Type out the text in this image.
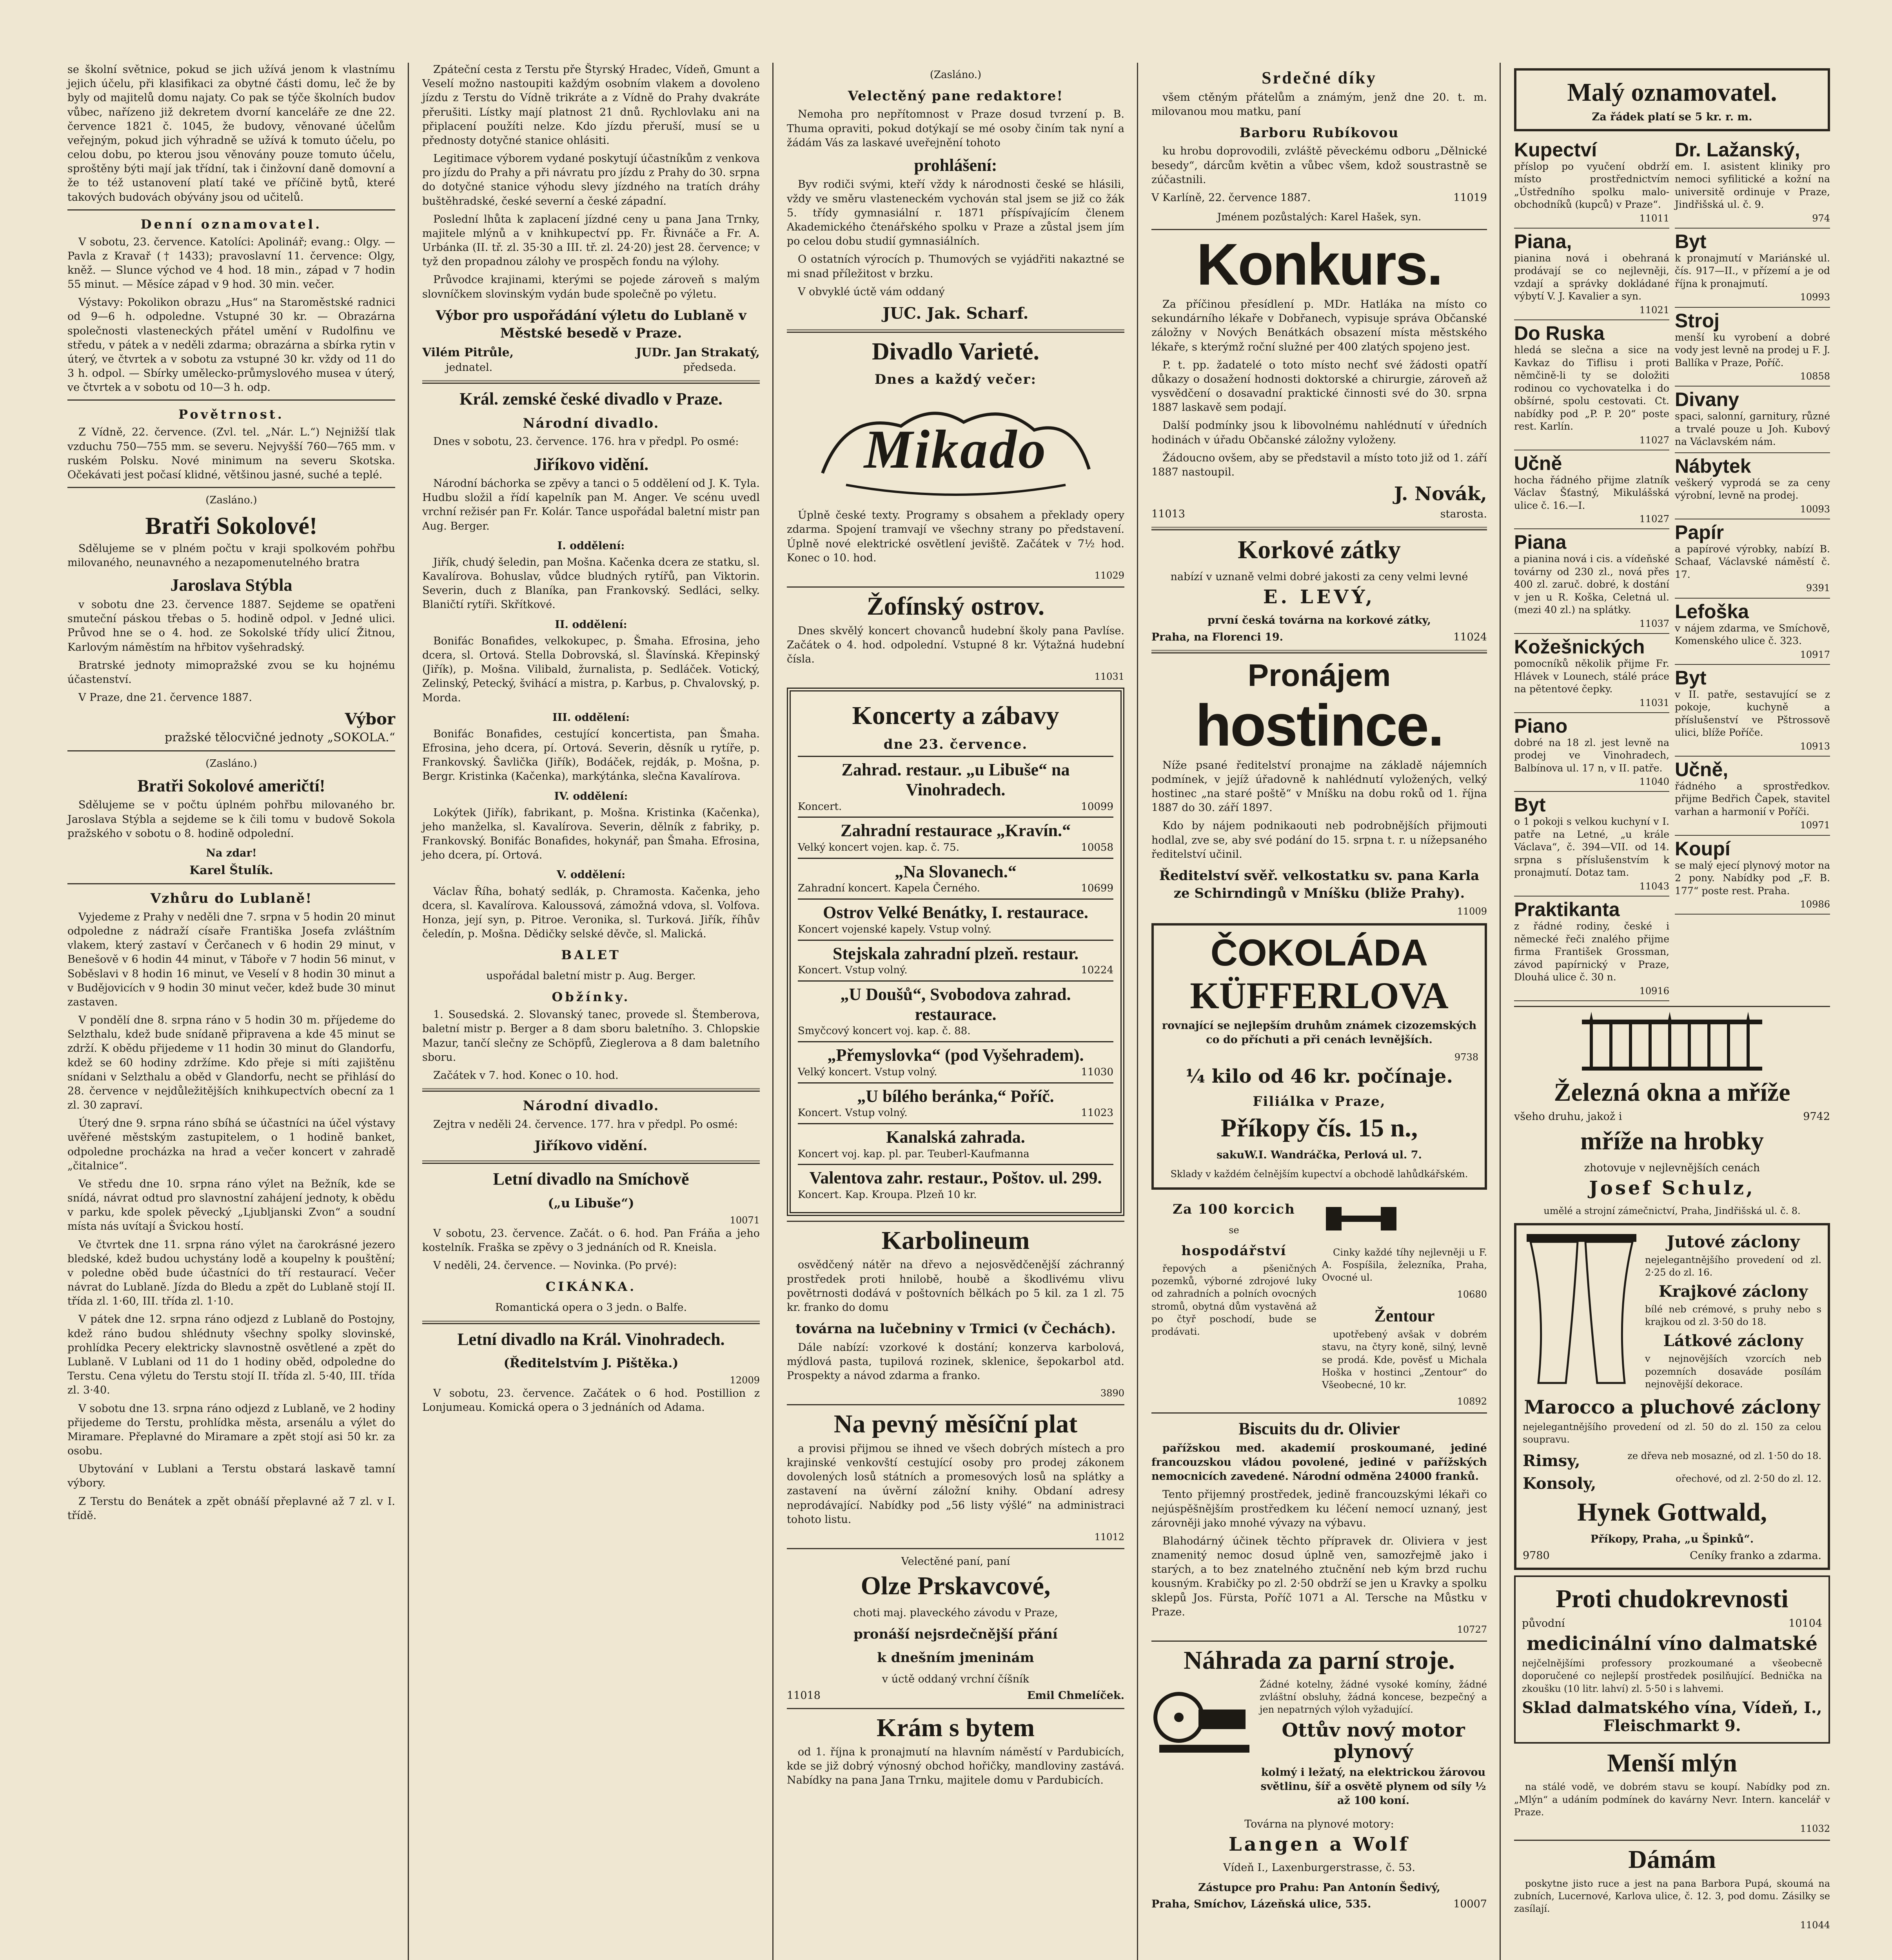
se školní světnice, pokud se jich užívá jenom k vlastnímu jejich účelu, při klasifikaci za obytné části domu, leč že by byly od majitelů domu najaty. Co pak se týče školních budov vůbec, nařízeno již dekretem dvorní kanceláře ze dne 22. července 1821 č. 1045, že budovy, věnované účelům veřejným, pokud jich výhradně se užívá k tomuto účelu, po celou dobu, po kterou jsou věnovány pouze tomuto účelu, sproštěny býti mají jak třídní, tak i činžovní daně domovní a že to též ustanovení platí také ve příčině bytů, které takových budovách obývány jsou od učitelů.

Denní oznamovatel.

V sobotu, 23. července. Katolíci: Apolinář; evang.: Olgy. — Pavla z Kravař († 1433); pravoslavní 11. července: Olgy, kněž. — Slunce východ ve 4 hod. 18 min., západ v 7 hodin 55 minut. — Měsíce západ v 9 hod. 30 min. večer.

Výstavy: Pokolikon obrazu „Hus“ na Staroměstské radnici od 9—6 h. odpoledne. Vstupné 30 kr. — Obrazárna společnosti vlasteneckých přátel umění v Rudolfinu ve středu, v pátek a v neděli zdarma; obrazárna a sbírka rytin v úterý, ve čtvrtek a v sobotu za vstupné 30 kr. vždy od 11 do 3 h. odpol. — Sbírky umělecko-průmyslového musea v úterý, ve čtvrtek a v sobotu od 10—3 h. odp.

Povětrnost.

Z Vídně, 22. července. (Zvl. tel. „Nár. L.“) Nejnižší tlak vzduchu 750—755 mm. se severu. Nejvyšší 760—765 mm. v ruském Polsku. Nové minimum na severu Skotska. Očekávati jest počasí klidné, většinou jasné, suché a teplé.

(Zasláno.)
Bratři Sokolové!

Sdělujeme se v plném počtu v kraji spolkovém pohřbu milovaného, neunavného a nezapomenutelného bratra

Jaroslava Stýbla

v sobotu dne 23. července 1887. Sejdeme se opatřeni smuteční páskou třebas o 5. hodině odpol. v Jedné ulici. Průvod hne se o 4. hod. ze Sokolské třídy ulicí Žitnou, Karlovým náměstím na hřbitov vyšehradský.

Bratrské jednoty mimopražské zvou se ku hojnému účastenství.

V Praze, dne 21. července 1887.

Výbor
pražské tělocvičné jednoty „SOKOLA.“
(Zasláno.)
Bratři Sokolové američtí!

Sdělujeme se v počtu úplném pohřbu milovaného br. Jaroslava Stýbla a sejdeme se k čili tomu v budově Sokola pražského v sobotu o 8. hodině odpolední.

Na zdar!
Karel Štulík.
Vzhůru do Lublaně!

Vyjedeme z Prahy v neděli dne 7. srpna v 5 hodin 20 minut odpoledne z nádraží císaře Františka Josefa zvláštním vlakem, který zastaví v Čerčanech v 6 hodin 29 minut, v Benešově v 6 hodin 44 minut, v Táboře v 7 hodin 56 minut, v Soběslavi v 8 hodin 16 minut, ve Veselí v 8 hodin 30 minut a v Budějovicích v 9 hodin 30 minut večer, kdež bude 30 minut zastaven.

V pondělí dne 8. srpna ráno v 5 hodin 30 m. příjedeme do Selzthalu, kdež bude snídaně připravena a kde 45 minut se zdrží. K obědu přijedeme v 11 hodin 30 minut do Glandorfu, kdež se 60 hodiny zdržíme. Kdo přeje si míti zajištěnu snídani v Selzthalu a oběd v Glandorfu, necht se přihlásí do 28. července v nejdůležitějších knihkupectvích obecní za 1 zl. 30 zapraví.

Úterý dne 9. srpna ráno sbíhá se účastníci na účel výstavy uvěřené městským zastupitelem, o 1 hodině banket, odpoledne procházka na hrad a večer koncert v zahradě „čitalnice“.

Ve středu dne 10. srpna ráno výlet na Bežník, kde se snídá, návrat odtud pro slavnostní zahájení jednoty, k obědu v parku, kde spolek pěvecký „Ljubljanski Zvon“ a soudní místa nás uvítají a Švickou hostí.

Ve čtvrtek dne 11. srpna ráno výlet na čarokrásné jezero bledské, kdež budou uchystány lodě a koupelny k pouštění; v poledne oběd bude účastníci do tří restaurací. Večer návrat do Lublaně. Jízda do Bledu a zpět do Lublaně stojí II. třída zl. 1·60, III. třída zl. 1·10.

V pátek dne 12. srpna ráno odjezd z Lublaně do Postojny, kdež ráno budou shlédnuty všechny spolky slovinské, prohlídka Pecery elektricky slavnostně osvětlené a zpět do Lublaně. V Lublani od 11 do 1 hodiny oběd, odpoledne do Terstu. Cena výletu do Terstu stojí II. třída zl. 5·40, III. třída zl. 3·40.

V sobotu dne 13. srpna ráno odjezd z Lublaně, ve 2 hodiny přijedeme do Terstu, prohlídka města, arsenálu a výlet do Miramare. Přeplavné do Miramare a zpět stojí asi 50 kr. za osobu.

Ubytování v Lublani a Terstu obstará laskavě tamní výbory.

Z Terstu do Benátek a zpět obnáší přeplavné až 7 zl. v I. třídě.

Zpáteční cesta z Terstu pře Štyrský Hradec, Vídeň, Gmunt a Veselí možno nastoupiti každým osobním vlakem a dovoleno jízdu z Terstu do Vídně trikráte a z Vídně do Prahy dvakráte přerušiti. Lístky mají platnost 21 dnů. Rychlovlaku ani na připlacení použíti nelze. Kdo jízdu přeruší, musí se u přednosty dotyčné stanice ohlásiti.

Legitimace výborem vydané poskytují účastníkům z venkova pro jízdu do Prahy a při návratu pro jízdu z Prahy do 30. srpna do dotyčné stanice výhodu slevy jízdného na tratích dráhy buštěhradské, české severní a české západní.

Poslední lhůta k zaplacení jízdné ceny u pana Jana Trnky, majitele mlýnů a v knihkupectví pp. Fr. Řivnáče a Fr. A. Urbánka (II. tř. zl. 35·30 a III. tř. zl. 24·20) jest 28. července; v tyž den propadnou zálohy ve prospěch fondu na výlohy.

Průvodce krajinami, kterými se pojede zároveň s malým slovníčkem slovinským vydán bude společně po výletu.

Výbor pro uspořádání výletu do Lublaně v Městské besedě v Praze.
Vilém Pitrůle,	JUDr. Jan Strakatý,
jednatel.	předseda.
Král. zemské české divadlo v Praze.
Národní divadlo.

Dnes v sobotu, 23. července. 176. hra v předpl. Po osmé:

Jiříkovo vidění.

Národní báchorka se zpěvy a tanci o 5 oddělení od J. K. Tyla. Hudbu složil a řídí kapelník pan M. Anger. Ve scénu uvedl vrchní režisér pan Fr. Kolár. Tance uspořádal baletní mistr pan Aug. Berger.

I. oddělení:

Jiřík, chudý šeledin, pan Mošna. Kačenka dcera ze statku, sl. Kavalírova. Bohuslav, vůdce bludných rytířů, pan Viktorin. Severin, duch z Blaníka, pan Frankovský. Sedláci, selky. Blaničtí rytíři. Skřítkové.

II. oddělení:

Bonifác Bonafides, velkokupec, p. Šmaha. Efrosina, jeho dcera, sl. Ortová. Stella Dobrovská, sl. Šlavínská. Křepinský (Jiřík), p. Mošna. Vilibald, žurnalista, p. Sedláček. Votický, Zelinský, Petecký, švihácí a mistra, p. Karbus, p. Chvalovský, p. Morda.

III. oddělení:

Bonifác Bonafides, cestující koncertista, pan Šmaha. Efrosina, jeho dcera, pí. Ortová. Severin, děsník u rytíře, p. Frankovský. Šavlička (Jiřík), Bodáček, rejdák, p. Mošna, p. Bergr. Kristinka (Kačenka), markýtánka, slečna Kavalírova.

IV. oddělení:

Lokýtek (Jiřík), fabrikant, p. Mošna. Kristinka (Kačenka), jeho manželka, sl. Kavalírova. Severin, dělník z fabriky, p. Frankovský. Bonifác Bonafides, hokynář, pan Šmaha. Efrosina, jeho dcera, pí. Ortová.

V. oddělení:

Václav Říha, bohatý sedlák, p. Chramosta. Kačenka, jeho dcera, sl. Kavalírova. Kaloussová, zámožná vdova, sl. Volfova. Honza, její syn, p. Pitroe. Veronika, sl. Turková. Jiřík, říhův čeledín, p. Mošna. Dědičky selské děvče, sl. Malická.

BALET
uspořádal baletní mistr p. Aug. Berger.
Obžínky.

1. Sousedská. 2. Slovanský tanec, provede sl. Štemberova, baletní mistr p. Berger a 8 dam sboru baletního. 3. Chlopskie Mazur, tančí slečny ze Schöpfů, Zieglerova a 8 dam baletního sboru.

Začátek v 7. hod. Konec o 10. hod.

Národní divadlo.

Zejtra v neděli 24. července. 177. hra v předpl. Po osmé:

Jiříkovo vidění.
Letní divadlo na Smíchově
(„u Libuše“)
10071

V sobotu, 23. července. Začát. o 6. hod. Pan Fráňa a jeho kostelník. Fraška se zpěvy o 3 jednáních od R. Kneisla.

V neděli, 24. července. — Novinka. (Po prvé):

CIKÁNKA.
Romantická opera o 3 jedn. o Balfe.
Letní divadlo na Král. Vinohradech.
(Ředitelstvím J. Pištěka.)
12009

V sobotu, 23. července. Začátek o 6 hod. Postillion z Lonjumeau. Komická opera o 3 jednáních od Adama.

(Zasláno.)
Velectěný pane redaktore!

Nemoha pro nepřítomnost v Praze dosud tvrzení p. B. Thuma opraviti, pokud dotýkají se mé osoby činím tak nyní a žádám Vás za laskavé uveřejnění tohoto

prohlášení:

Byv rodiči svými, kteří vždy k národnosti české se hlásili, vždy ve směru vlasteneckém vychován stal jsem se již co žák 5. třídy gymnasiální r. 1871 příspívajícím členem Akademického čtenářského spolku v Praze a zůstal jsem jím po celou dobu studií gymnasiálních.

O ostatních výrocích p. Thumových se vyjádřiti nakaztné se mi snad příležitost v brzku.

V obvyklé úctě vám oddaný

JUC. Jak. Scharf.
Divadlo Varieté.
Dnes a každý večer:
Mikado

Úplně české texty. Programy s obsahem a překlady opery zdarma. Spojení tramvají ve všechny strany po představení. Úplně nové elektrické osvětlení jeviště. Začátek v 7½ hod. Konec o 10. hod.

11029
Žofínský ostrov.

Dnes skvělý koncert chovanců hudební školy pana Pavlíse. Začátek o 4. hod. odpolední. Vstupné 8 kr. Výtažná hudební čísla.

11031
Koncerty a zábavy
dne 23. července.
Zahrad. restaur. „u Libuše“ na Vinohradech.
Koncert.	10099
Zahradní restaurace „Kravín.“
Velký koncert vojen. kap. č. 75.	10058
„Na Slovanech.“
Zahradní koncert. Kapela Černého.	10699
Ostrov Velké Benátky, I. restaurace.
Koncert vojenské kapely. Vstup volný.
Stejskala zahradní plzeň. restaur.
Koncert. Vstup volný.	10224
„U Doušů“, Svobodova zahrad. restaurace.
Smyčcový koncert voj. kap. č. 88.
„Přemyslovka“ (pod Vyšehradem).
Velký koncert. Vstup volný.	11030
„U bílého beránka,“ Poříč.
Koncert. Vstup volný.	11023
Kanalská zahrada.
Koncert voj. kap. pl. par. Teuberl-Kaufmanna
Valentova zahr. restaur., Poštov. ul. 299.
Koncert. Kap. Kroupa. Plzeň 10 kr.
Karbolineum

osvědčený nátěr na dřevo a nejosvědčenější záchranný prostředek proti hnilobě, houbě a škodlivému vlivu povětrnosti dodává v poštovních bělkách po 5 kil. za 1 zl. 75 kr. franko do domu

továrna na lučebniny v Trmici (v Čechách).

Dále nabízí: vzorkové k dostání; konzerva karbolová, mýdlová pasta, tupilová rozinek, sklenice, šepokarbol atd. Prospekty a návod zdarma a franko.

3890
Na pevný měsíční plat

a provisi přijmou se ihned ve všech dobrých místech a pro krajinské venkovští cestující osoby pro prodej zákonem dovolených losů státních a promesových losů na splátky a zastavení na úvěrní záložní knihy. Obdaní adresy neprodávající. Nabídky pod „56 listy výšlé“ na administraci tohoto listu.

11012
Velectěné paní, paní
Olze Prskavcové,
choti maj. plaveckého závodu v Praze,
pronáší nejsrdečnější přání
k dnešním jmeninám
v úctě oddaný vrchní číšník
11018	Emil Chmelíček.
Krám s bytem

od 1. října k pronajmutí na hlavním náměstí v Pardubicích, kde se již dobrý výnosný obchod hořičky, mandloviny zastává. Nabídky na pana Jana Trnku, majitele domu v Pardubicích.

Srdečné díky

všem ctěným přátelům a známým, jenž dne 20. t. m. milovanou mou matku, paní

Barboru Rubíkovou

ku hrobu doprovodili, zvláště pěveckému odboru „Dělnické besedy“, dárcům květin a vůbec všem, kdož soustrastně se zúčastnili.

V Karlíně, 22. července 1887.	11019
Jménem pozůstalých: Karel Hašek, syn.
Konkurs.

Za příčinou přesídlení p. MDr. Hatláka na místo co sekundárního lékaře v Dobřanech, vypisuje správa Občanské záložny v Nových Benátkách obsazení místa městského lékaře, s kterýmž roční služné per 400 zlatých spojeno jest.

P. t. pp. žadatelé o toto místo nechť své žádosti opatří důkazy o dosažení hodnosti doktorské a chirurgie, zároveň až vysvědčení o dosavadní praktické činnosti své do 30. srpna 1887 laskavě sem podají.

Další podmínky jsou k libovolnému nahlédnutí v úředních hodinách v úřadu Občanské záložny vyloženy.

Žádoucno ovšem, aby se představil a místo toto již od 1. září 1887 nastoupil.

J. Novák,
11013	starosta.
Korkové zátky
nabízí v uznaně velmi dobré jakosti za ceny velmi levné
E. LEVÝ,
první česká továrna na korkové zátky,
Praha, na Florenci 19.	11024
Pronájem
hostince.

Níže psané ředitelství pronajme na základě nájemních podmínek, v jejíž úřadovně k nahlédnutí vyložených, velký hostinec „na staré poště“ v Mníšku na dobu roků od 1. října 1887 do 30. září 1897.

Kdo by nájem podnikaouti neb podrobnějších přijmouti hodlal, zve se, aby své podání do 15. srpna t. r. u nížepsaného ředitelství učinil.

Ředitelství svěř. velkostatku sv. pana Karla ze Schirndingů v Mníšku (bliže Prahy).
11009
ČOKOLÁDA
KÜFFERLOVA

rovnající se nejlepším druhům známek cizozemských co do příchuti a při cenách levnějších.

9738
¼ kilo od 46 kr. počínaje.
Filiálka v Praze,
Příkopy čís. 15 n.,
sakuW.I. Wandráčka, Perlová ul. 7.
Sklady v každém čelnějším kupectví a obchodě lahůdkářském.
Za 100 korcich
se
hospodářství

řepových a pšeničných pozemků, výborné zdrojové luky od zahradních a polních ovocných stromů, obytná dům vystavěná až po čtyř poschodí, bude se prodávati.

Cinky každé tíhy nejlevněji u F. A. Fospíšila, železníka, Praha, Ovocné ul.

10680
Žentour

upotřebený avšak v dobrém stavu, na čtyry koně, silný, levně se prodá. Kde, pověsť u Michala Hoška v hostinci „Zentour“ do Všeobecné, 10 kr.

10892
Biscuits du dr. Olivier

pařížskou med. akademií proskoumané, jediné francouzskou vládou povolené, jediné v pařížských nemocnicích zavedené. Národní odměna 24000 franků.

Tento přijemný prostředek, jedině francouzskými lékaři co nejúspěšnějším prostředkem ku léčení nemocí uznaný, jest zárovněji jako mnohé vývazy na výbavu.

Blahodárný účinek těchto přípravek dr. Oliviera v jest znamenitý nemoc dosud úplně ven, samozřejmě jako i starých, a to bez znatelného ztučnění neb kým brzd ruchu kousným. Krabičky po zl. 2·50 obdrží se jen u Kravky a spolku sklepů Jos. Fürsta, Poříč 1071 a Al. Tersche na Můstku v Praze.

10727
Náhrada za parní stroje.

Žádné kotelny, žádné vysoké komíny, žádné zvláštní obsluhy, žádná koncese, bezpečný a jen nepatrných výloh vyžadující.

Ottův nový motor plynový

kolmý i ležatý, na elektrickou žárovou světlinu, šíř a osvětě plynem od síly ½ až 100 koní.

Továrna na plynové motory:
Langen a Wolf
Vídeň I., Laxenburgerstrasse, č. 53.
Zástupce pro Prahu: Pan Antonín Šedivý,
Praha, Smíchov, Lázeňská ulice, 535.	10007
Malý oznamovatel.
Za řádek platí se 5 kr. r. m.
Kupectví
příslop po vyučení obdrží místo prostřednictvím „Ústředního spolku maloobchodníků (kupců) v Praze“.
11011
Piana,
pianina nová i obehraná prodávají se co nejlevněji, vzdají a správky dokládané výbytí V. J. Kavalier a syn.
11021
Do Ruska
hledá se slečna a sice na Kavkaz do Tiflisu i proti němčině-li ty se doložiti rodinou co vychovatelka i do obšírné, spolu cestovati. Ct. nabídky pod „P. P. 20“ poste rest. Karlín.
11027
Učně
hocha řádného přijme zlatník Václav Šťastný, Mikulášská ulice č. 16.—I.
11027
Piana
a pianina nová i cis. a vídeňské továrny od 230 zl., nová přes 400 zl. zaruč. dobré, k dostání v jen u R. Koška, Celetná ul. (mezi 40 zl.) na splátky.
11037
Kožešnických
pomocníků několik přijme Fr. Hlávek v Lounech, stálé práce na pětentové čepky.
11031
Piano
dobré na 18 zl. jest levně na prodej ve Vinohradech, Balbínova ul. 17 n, v II. patře.
11040
Byt
o 1 pokoji s velkou kuchyní v I. patře na Letné, „u krále Václava“, č. 394—VII. od 14. srpna s příslušenstvím k pronajmutí. Dotaz tam.
11043
Praktikanta
z řádné rodiny, české i německé řeči znalého přijme firma František Grossman, závod papírnický v Praze, Dlouhá ulice č. 30 n.
10916
Dr. Lažanský,
em. I. asistent kliniky pro nemoci syfilitické a kožní na universitě ordinuje v Praze, Jindřišská ul. č. 9.
974
Byt
k pronajmutí v Mariánské ul. čís. 917—II., v přízemí a je od října k pronajmutí.
10993
Stroj
menší ku vyrobení a dobré vody jest levně na prodej u F. J. Ballíka v Praze, Poříč.
10858
Divany
spaci, salonní, garnitury, různé a trvalé pouze u Joh. Kubový na Václavském nám.
Nábytek
veškerý vyprodá se za ceny výrobní, levně na prodej.
10093
Papír
a papírové výrobky, nabízí B. Schaaf, Václavské náměstí č. 17.
9391
Lefoška
v nájem zdarma, ve Smíchově, Komenského ulice č. 323.
10917
Byt
v II. patře, sestavující se z pokoje, kuchyně a příslušenství ve Pštrossově ulici, blíže Poříče.
10913
Učně,
řádného a sprostředkov. přijme Bedřich Čapek, stavitel varhan a harmonií v Poříči.
10971
Koupí
se malý ejecí plynový motor na 2 pony. Nabídky pod „F. B. 177“ poste rest. Praha.
10986
Železná okna a mříže
všeho druhu, jakož i	9742
mříže na hrobky
zhotovuje v nejlevnějších cenách
Josef Schulz,
umělé a strojní zámečnictví, Praha, Jindřišská ul. č. 8.
Jutové záclony

nejelegantnějšího provedení od zl. 2·25 do zl. 16.

Krajkové záclony

bílé neb crémové, s pruhy nebo s krajkou od zl. 3·50 do 18.

Látkové záclony

v nejnovějších vzorcích neb pozemních dosaváde posílám nejnovější dekorace.

Marocco a pluchové záclony

nejelegantnějšího provedení od zl. 50 do zl. 150 za celou soupravu.

Rimsy,	ze dřeva neb mosazné, od zl. 1·50 do 18.
Konsoly,	ořechové, od zl. 2·50 do zl. 12.
Hynek Gottwald,
Příkopy, Praha, „u Špinků“.
9780	Ceníky franko a zdarma.
Proti chudokrevnosti
původní	10104
medicinální víno dalmatské

nejčelnějšími professory prozkoumané a všeobecně doporučené co nejlepší prostředek posilňující. Bednička na zkoušku (10 litr. lahví) zl. 5·50 i s lahvemi.

Sklad dalmatského vína, Vídeň, I., Fleischmarkt 9.
Menší mlýn

na stálé vodě, ve dobrém stavu se koupí. Nabídky pod zn. „Mlýn“ a udáním podmínek do kavárny Nevr. Intern. kancelář v Praze.

11032
Dámám

poskytne jisto ruce a jest na pana Barbora Pupá, skoumá na zubních, Lucernové, Karlova ulice, č. 12. 3, pod domu. Zásilky se zasílají.

11044
